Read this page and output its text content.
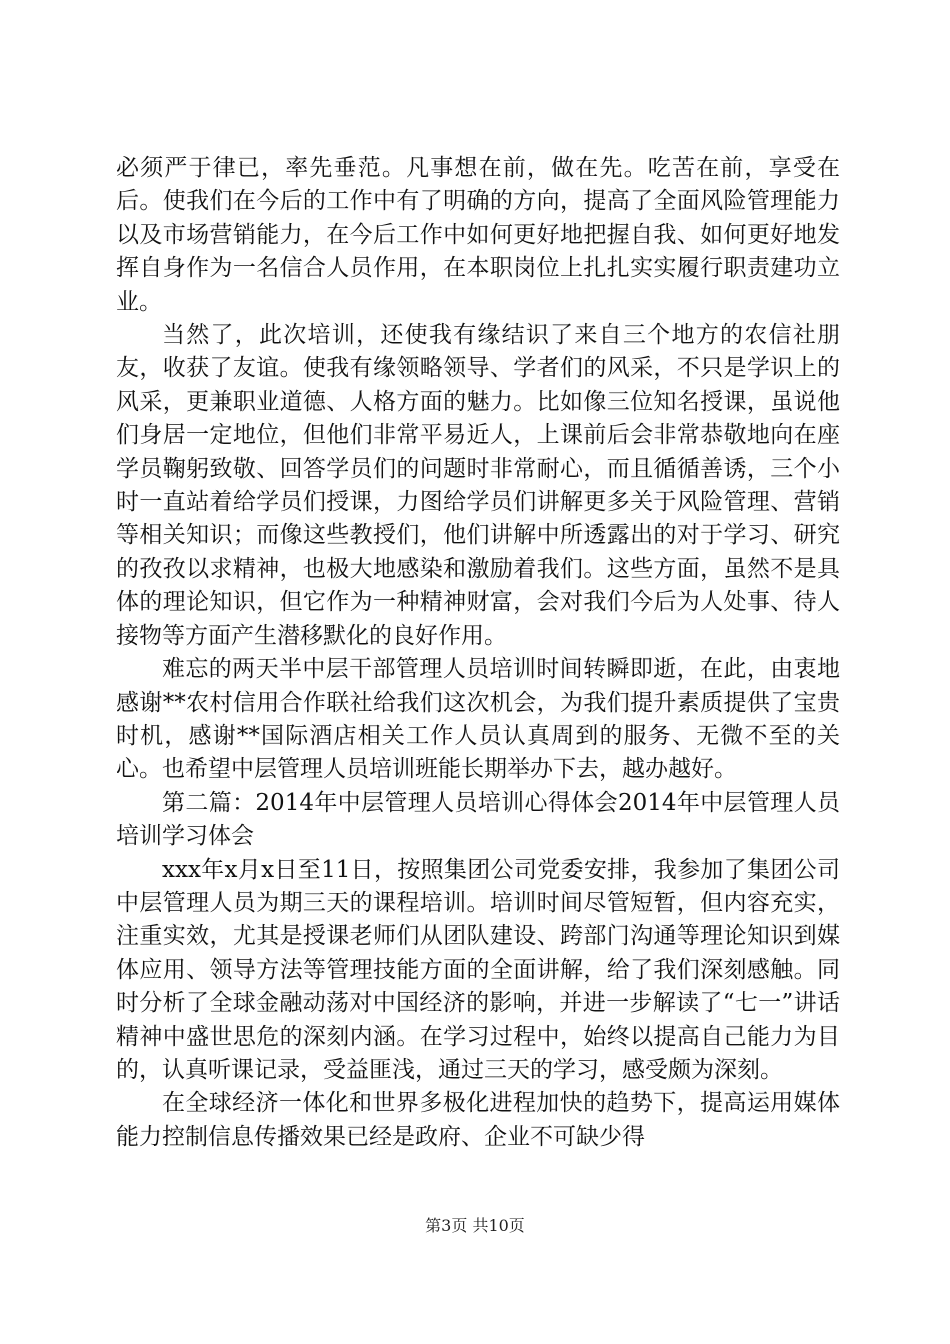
必须严于律已，率先垂范。凡事想在前，做在先。吃苦在前，享受在后。使我们在今后的工作中有了明确的方向，提高了全面风险管理能力以及市场营销能力，在今后工作中如何更好地把握自我、如何更好地发挥自身作为一名信合人员作用，在本职岗位上扎扎实实履行职责建功立业。

当然了，此次培训，还使我有缘结识了来自三个地方的农信社朋友，收获了友谊。使我有缘领略领导、学者们的风采，不只是学识上的风采，更兼职业道德、人格方面的魅力。比如像三位知名授课，虽说他们身居一定地位，但他们非常平易近人，上课前后会非常恭敬地向在座学员鞠躬致敬、回答学员们的问题时非常耐心，而且循循善诱，三个小时一直站着给学员们授课，力图给学员们讲解更多关于风险管理、营销等相关知识；而像这些教授们，他们讲解中所透露出的对于学习、研究的孜孜以求精神，也极大地感染和激励着我们。这些方面，虽然不是具体的理论知识，但它作为一种精神财富，会对我们今后为人处事、待人接物等方面产生潜移默化的良好作用。

难忘的两天半中层干部管理人员培训时间转瞬即逝，在此，由衷地感谢**农村信用合作联社给我们这次机会，为我们提升素质提供了宝贵时机，感谢**国际酒店相关工作人员认真周到的服务、无微不至的关心。也希望中层管理人员培训班能长期举办下去，越办越好。

第二篇：2014年中层管理人员培训心得体会2014年中层管理人员培训学习体会

xxx年x月x日至11日，按照集团公司党委安排，我参加了集团公司中层管理人员为期三天的课程培训。培训时间尽管短暂，但内容充实，注重实效，尤其是授课老师们从团队建设、跨部门沟通等理论知识到媒体应用、领导方法等管理技能方面的全面讲解，给了我们深刻感触。同时分析了全球金融动荡对中国经济的影响，并进一步解读了“七一”讲话精神中盛世思危的深刻内涵。在学习过程中，始终以提高自己能力为目的，认真听课记录，受益匪浅，通过三天的学习，感受颇为深刻。

在全球经济一体化和世界多极化进程加快的趋势下，提高运用媒体能力控制信息传播效果已经是政府、企业不可缺少得

第3页 共10页
